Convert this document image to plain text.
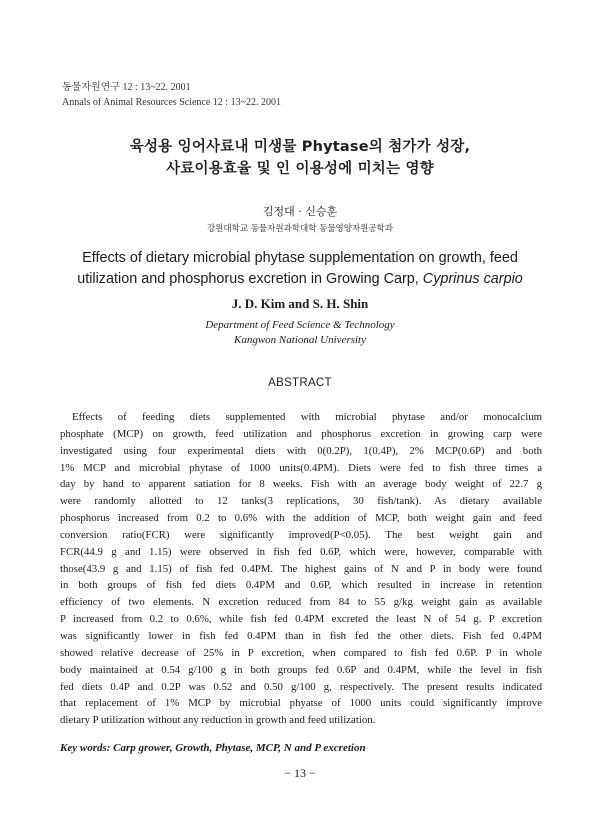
동물자원연구 12 : 13~22. 2001
Annals of Animal Resources Science 12 : 13~22. 2001
육성용 잉어사료내 미생물 Phytase의 첨가가 성장,
사료이용효율 및 인 이용성에 미치는 영향
김정대 · 신승훈
강원대학교 동물자원과학대학 동물영양자원공학과
Effects of dietary microbial phytase supplementation on growth, feed
utilization and phosphorus excretion in Growing Carp, Cyprinus carpio
J. D. Kim and S. H. Shin
Department of Feed Science & Technology
Kangwon National University
ABSTRACT
Effects of feeding diets supplemented with microbial phytase and/or monocalcium
phosphate (MCP) on growth, feed utilization and phosphorus excretion in growing carp were
investigated using four experimental diets with 0(0.2P), 1(0.4P), 2% MCP(0.6P) and both
1% MCP and microbial phytase of 1000 units(0.4PM). Diets were fed to fish three times a
day by hand to apparent satiation for 8 weeks. Fish with an average body weight of 22.7 g
were randomly allotted to 12 tanks(3 replications, 30 fish/tank). As dietary available
phosphorus increased from 0.2 to 0.6% with the addition of MCP, both weight gain and feed
conversion ratio(FCR) were significantly improved(P<0.05). The best weight gain and
FCR(44.9 g and 1.15) were observed in fish fed 0.6P, which were, however, comparable with
those(43.9 g and 1.15) of fish fed 0.4PM. The highest gains of N and P in body were found
in both groups of fish fed diets 0.4PM and 0.6P, which resulted in increase in retention
efficiency of two elements. N excretion reduced from 84 to 55 g/kg weight gain as available
P increased from 0.2 to 0.6%, while fish fed 0.4PM excreted the least N of 54 g. P excretion
was significantly lower in fish fed 0.4PM than in fish fed the other diets. Fish fed 0.4PM
showed relative decrease of 25% in P excretion, when compared to fish fed 0.6P. P in whole
body maintained at 0.54 g/100 g in both groups fed 0.6P and 0.4PM, while the level in fish
fed diets 0.4P and 0.2P was 0.52 and 0.50 g/100 g, respectively. The present results indicated
that replacement of 1% MCP by microbial phyatse of 1000 units could significantly improve
dietary P utilization without any reduction in growth and feed utilization.
Key words: Carp grower, Growth, Phytase, MCP, N and P excretion
− 13 −
